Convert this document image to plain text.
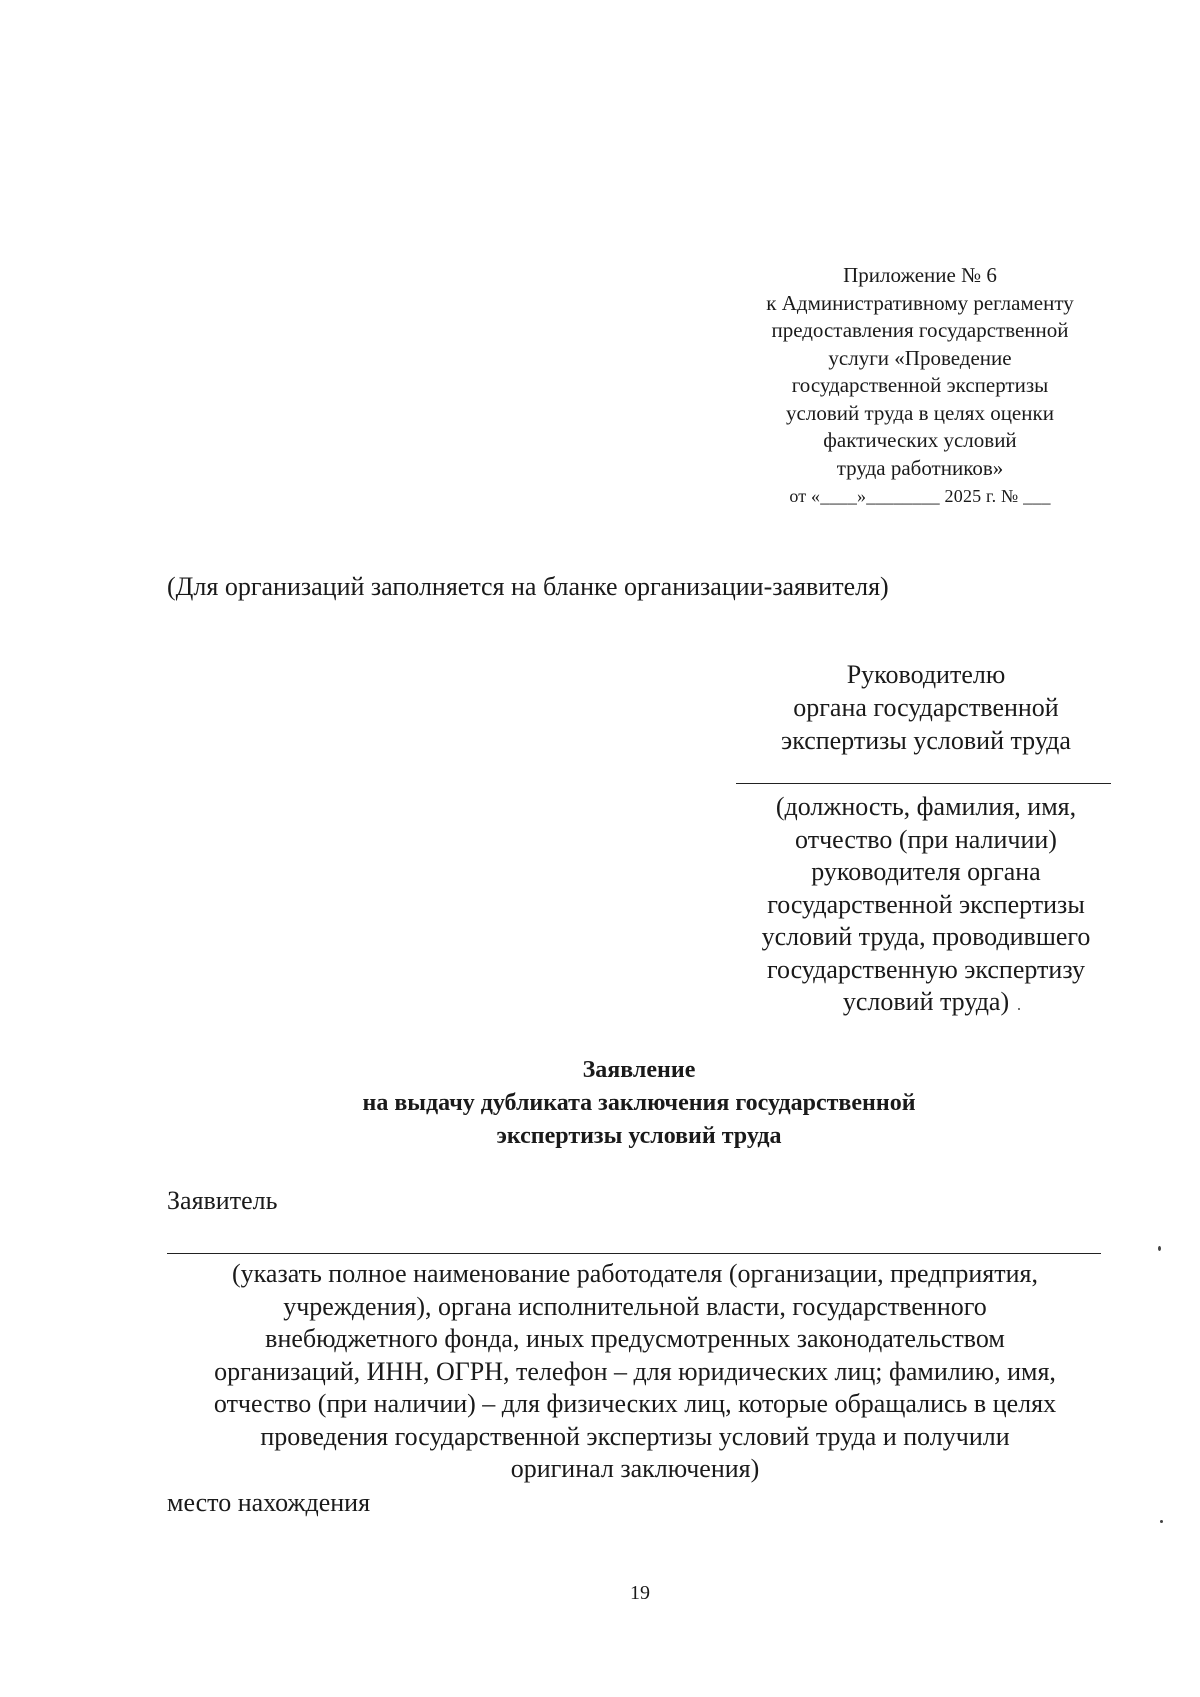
Приложение № 6
к Административному регламенту
предоставления государственной
услуги «Проведение
государственной экспертизы
условий труда в целях оценки
фактических условий
труда работников»
от «____»________ 2025 г. № ___
(Для организаций заполняется на бланке организации-заявителя)
Руководителю
органа государственной
экспертизы условий труда
(должность, фамилия, имя,
отчество (при наличии)
руководителя органа
государственной экспертизы
условий труда, проводившего
государственную экспертизу
условий труда)
Заявление
на выдачу дубликата заключения государственной
экспертизы условий труда
Заявитель
(указать полное наименование работодателя (организации, предприятия,
учреждения), органа исполнительной власти, государственного
внебюджетного фонда, иных предусмотренных законодательством
организаций, ИНН, ОГРН, телефон – для юридических лиц; фамилию, имя,
отчество (при наличии) – для физических лиц, которые обращались в целях
проведения государственной экспертизы условий труда и получили
оригинал заключения)
место нахождения
19
